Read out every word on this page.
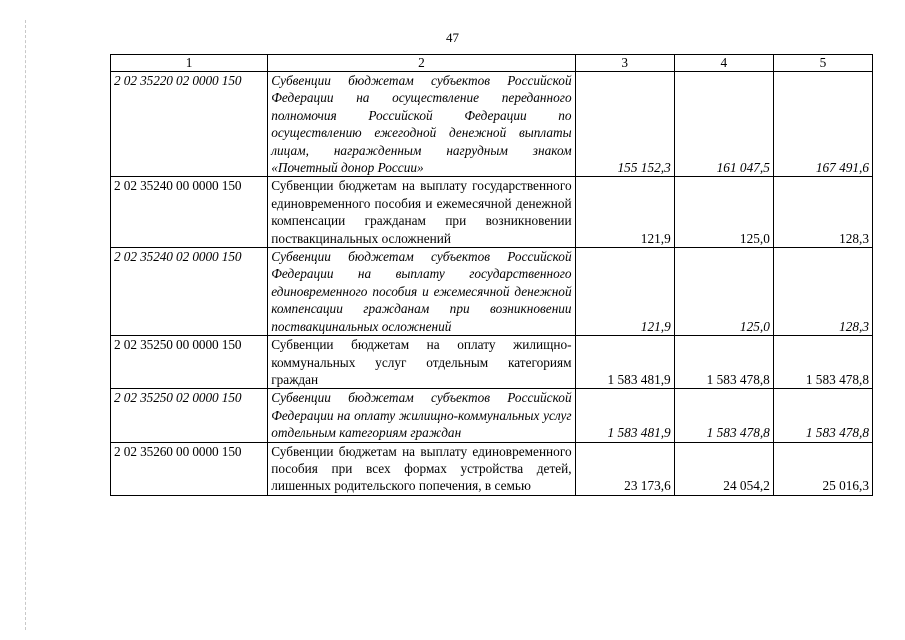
47
1	2	3	4	5
2 02 35220 02 0000 150	Субвенции бюджетам субъектов Российской Федерации на осуществление переданного полномочия Российской Федерации по осуществлению ежегодной денежной выплаты лицам, награжденным нагрудным знаком «Почетный донор России»	155 152,3	161 047,5	167 491,6
2 02 35240 00 0000 150	Субвенции бюджетам на выплату государственного единовременного пособия и ежемесячной денежной компенсации гражданам при возникновении поствакцинальных осложнений	121,9	125,0	128,3
2 02 35240 02 0000 150	Субвенции бюджетам субъектов Российской Федерации на выплату государственного единовременного пособия и ежемесячной денежной компенсации гражданам при возникновении поствакцинальных осложнений	121,9	125,0	128,3
2 02 35250 00 0000 150	Субвенции бюджетам на оплату жилищно-коммунальных услуг отдельным категориям граждан	1 583 481,9	1 583 478,8	1 583 478,8
2 02 35250 02 0000 150	Субвенции бюджетам субъектов Российской Федерации на оплату жилищно-коммунальных услуг отдельным категориям граждан	1 583 481,9	1 583 478,8	1 583 478,8
2 02 35260 00 0000 150	Субвенции бюджетам на выплату единовременного пособия при всех формах устройства детей, лишенных родительского попечения, в семью	23 173,6	24 054,2	25 016,3
